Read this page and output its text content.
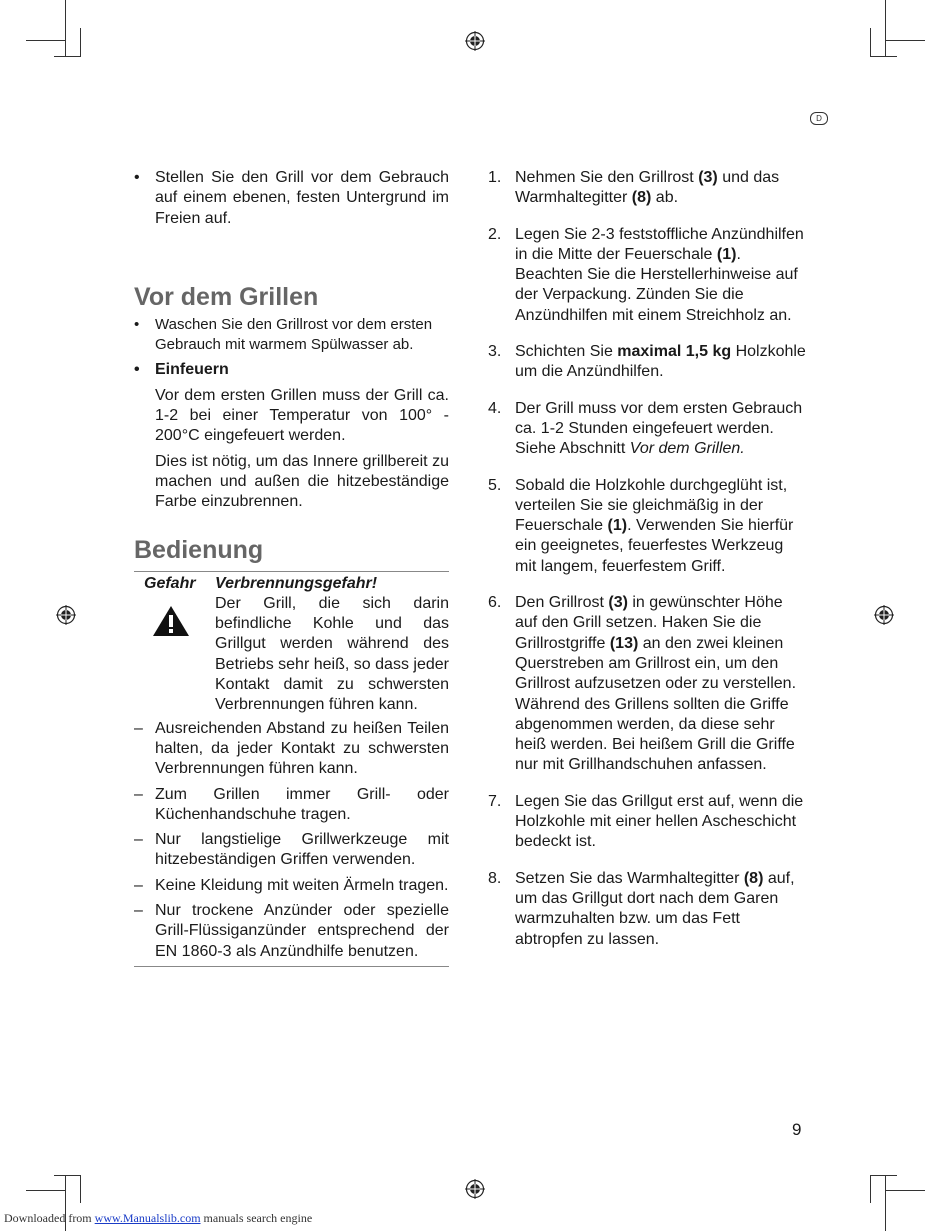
D
• Stellen Sie den Grill vor dem Gebrauch auf einem ebenen, festen Untergrund im Freien auf.
Vor dem Grillen
• Waschen Sie den Grillrost vor dem ersten Gebrauch mit warmem Spülwasser ab.
• Einfeuern
Vor dem ersten Grillen muss der Grill ca. 1-2 bei einer Temperatur von 100° - 200°C eingefeuert werden.
Dies ist nötig, um das Innere grillbereit zu machen und außen die hitzebeständige Farbe einzubrennen.
Bedienung
Gefahr Verbrennungsgefahr!
Der Grill, die sich darin befindliche Kohle und das Grillgut werden während des Betriebs sehr heiß, so dass jeder Kontakt damit zu schwersten Verbrennungen führen kann.
– Ausreichenden Abstand zu heißen Teilen halten, da jeder Kontakt zu schwersten Verbrennungen führen kann.
– Zum Grillen immer Grill- oder Küchenhandschuhe tragen.
– Nur langstielige Grillwerkzeuge mit hitzebeständigen Griffen verwenden.
– Keine Kleidung mit weiten Ärmeln tragen.
– Nur trockene Anzünder oder spezielle Grill-Flüssiganzünder entsprechend der EN 1860-3 als Anzündhilfe benutzen.
1. Nehmen Sie den Grillrost (3) und das Warmhaltegitter (8) ab.
2. Legen Sie 2-3 feststoffliche Anzündhilfen in die Mitte der Feuerschale (1). Beachten Sie die Herstellerhinweise auf der Verpackung. Zünden Sie die Anzündhilfen mit einem Streichholz an.
3. Schichten Sie maximal 1,5 kg Holzkohle um die Anzündhilfen.
4. Der Grill muss vor dem ersten Gebrauch ca. 1-2 Stunden eingefeuert werden.
Siehe Abschnitt Vor dem Grillen.
5. Sobald die Holzkohle durchgeglüht ist, verteilen Sie sie gleichmäßig in der Feuerschale (1). Verwenden Sie hierfür ein geeignetes, feuerfestes Werkzeug mit langem, feuerfestem Griff.
6. Den Grillrost (3) in gewünschter Höhe auf den Grill setzen. Haken Sie die Grillrostgriffe (13) an den zwei kleinen Querstreben am Grillrost ein, um den Grillrost aufzusetzen oder zu verstellen. Während des Grillens sollten die Griffe abgenommen werden, da diese sehr heiß werden. Bei heißem Grill die Griffe nur mit Grillhandschuhen anfassen.
7. Legen Sie das Grillgut erst auf, wenn die Holzkohle mit einer hellen Ascheschicht bedeckt ist.
8. Setzen Sie das Warmhaltegitter (8) auf, um das Grillgut dort nach dem Garen warmzuhalten bzw. um das Fett abtropfen zu lassen.
9
Downloaded from www.Manualslib.com manuals search engine
